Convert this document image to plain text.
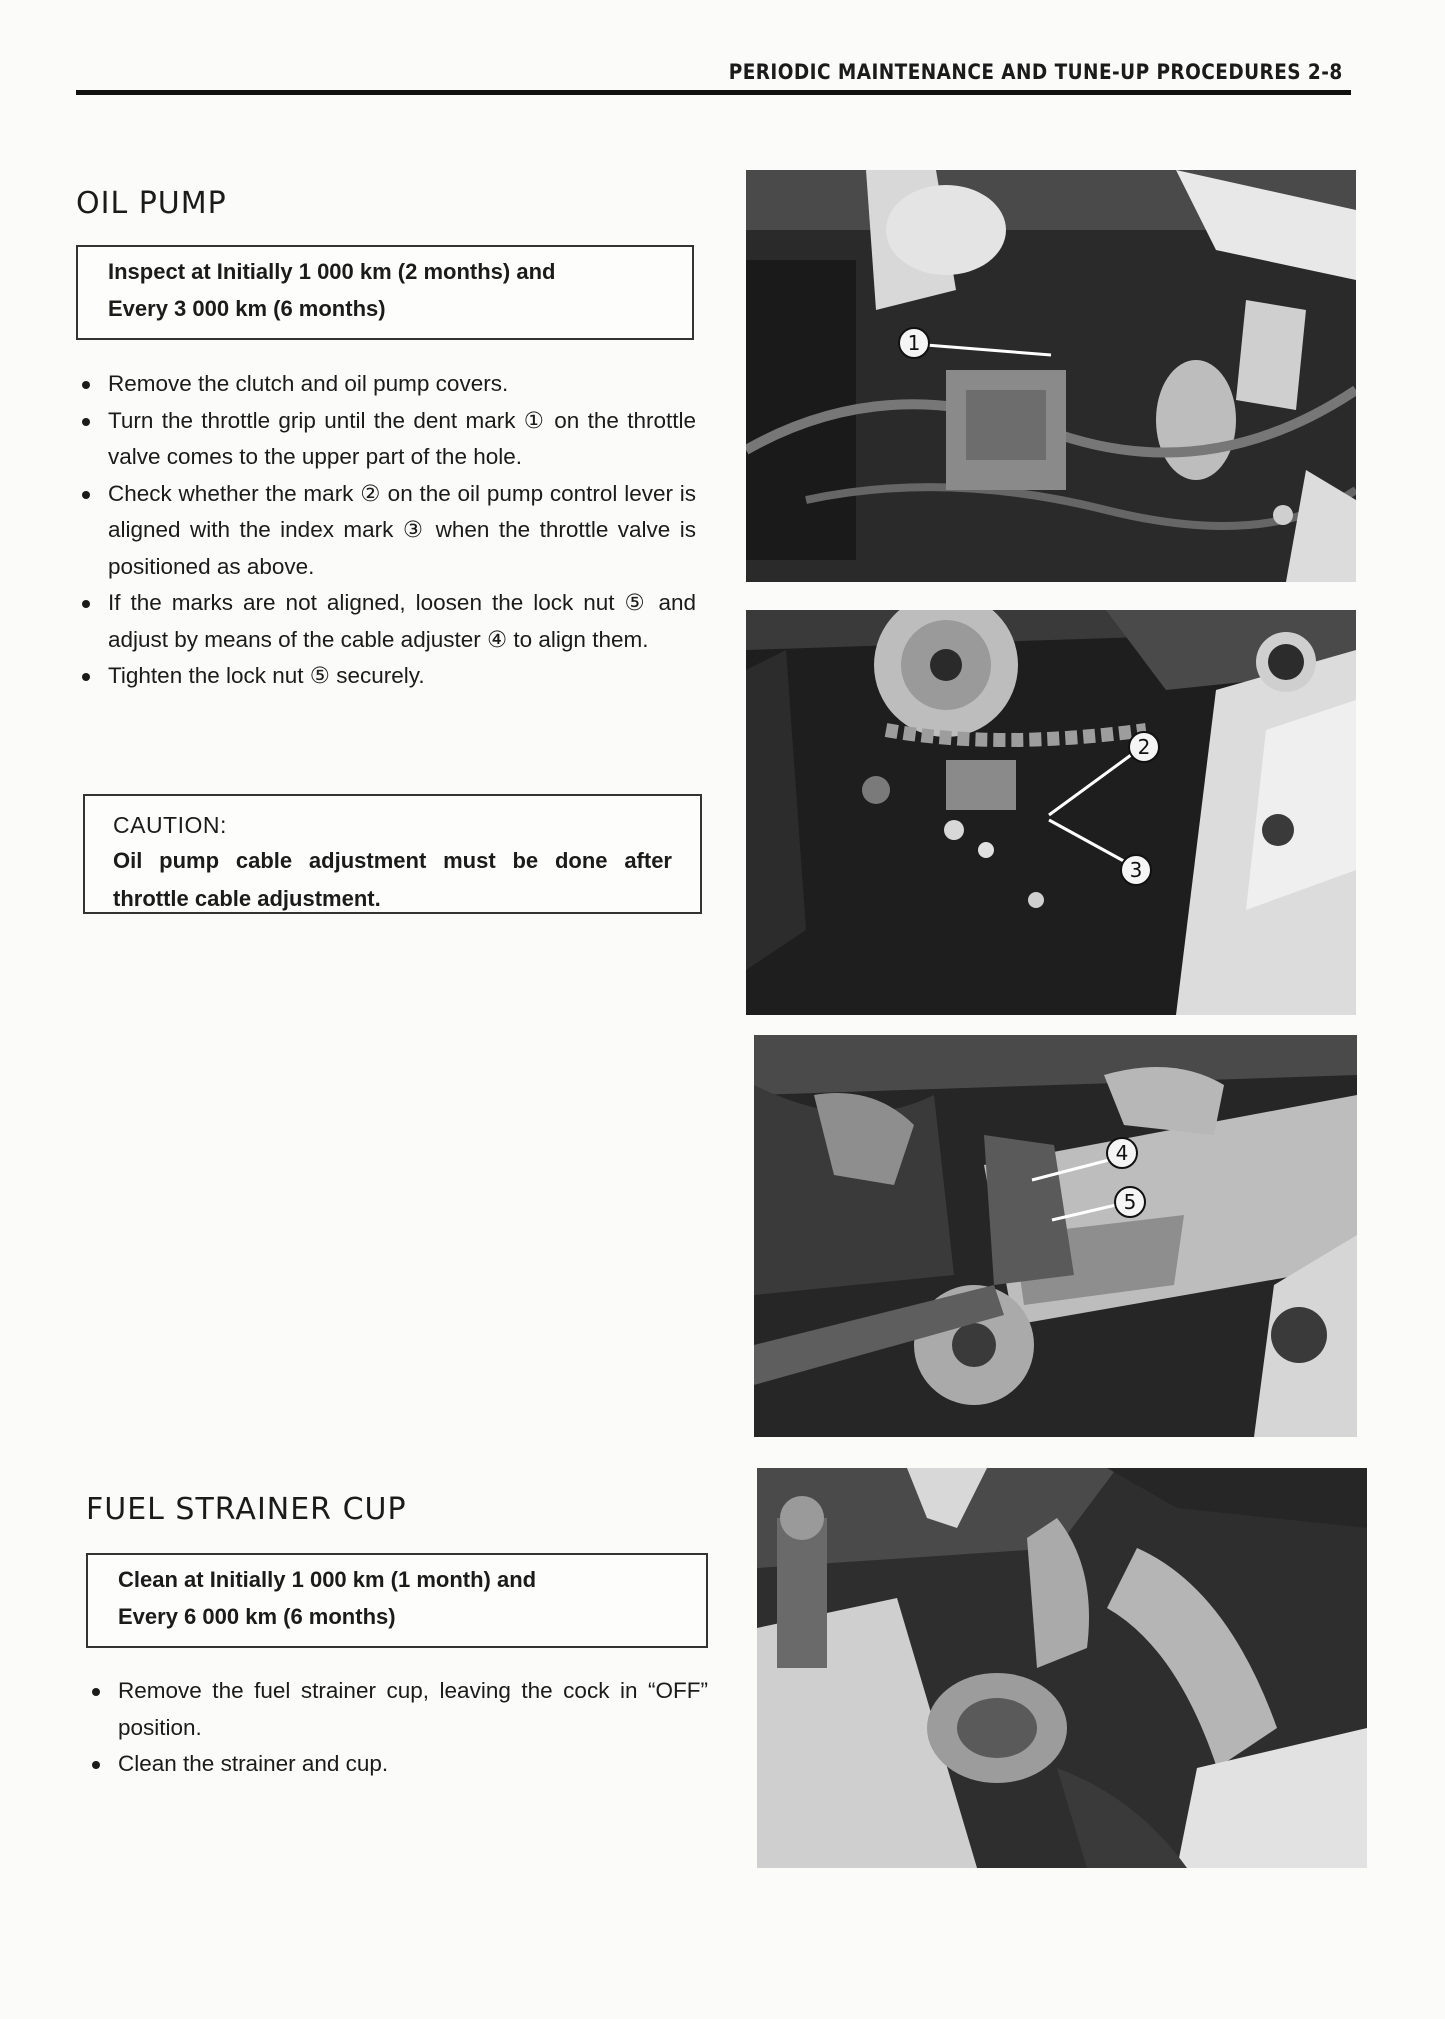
PERIODIC MAINTENANCE AND TUNE-UP PROCEDURES 2-8
OIL PUMP
Inspect at Initially 1 000 km (2 months) and
Every 3 000 km (6 months)
Remove the clutch and oil pump covers.
Turn the throttle grip until the dent mark ① on the throttle valve comes to the upper part of the hole.
Check whether the mark ② on the oil pump control lever is aligned with the index mark ③ when the throttle valve is positioned as above.
If the marks are not aligned, loosen the lock nut ⑤ and adjust by means of the cable adjuster ④ to align them.
Tighten the lock nut ⑤ securely.
CAUTION:
Oil pump cable adjustment must be done after throttle cable adjustment.
FUEL STRAINER CUP
Clean at Initially 1 000 km (1 month) and
Every 6 000 km (6 months)
Remove the fuel strainer cup, leaving the cock in “OFF” position.
Clean the strainer and cup.
1
2
3
4
5
